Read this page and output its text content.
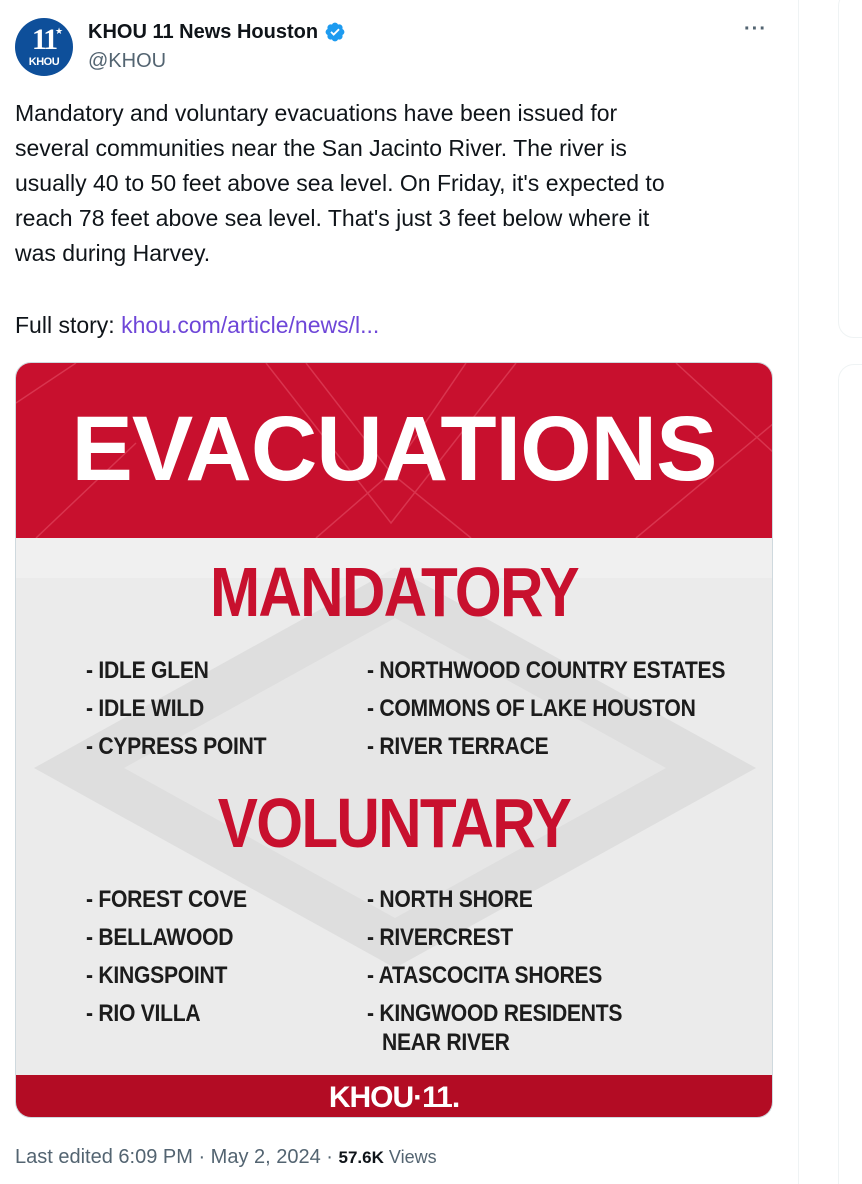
11
★
KHOU
KHOU 11 News Houston
@KHOU
···

Mandatory and voluntary evacuations have been issued for

several communities near the San Jacinto River. The river is

usually 40 to 50 feet above sea level. On Friday, it's expected to

reach 78 feet above sea level. That's just 3 feet below where it

was during Harvey.

Full story: khou.com/article/news/l...
EVACUATIONS
MANDATORY
- IDLE GLEN
- IDLE WILD
- CYPRESS POINT
- NORTHWOOD COUNTRY ESTATES
- COMMONS OF LAKE HOUSTON
- RIVER TERRACE
VOLUNTARY
- FOREST COVE
- BELLAWOOD
- KINGSPOINT
- RIO VILLA
- NORTH SHORE
- RIVERCREST
- ATASCOCITA SHORES
- KINGWOOD RESIDENTS
NEAR RIVER
KHOU·11.
Last edited 6:09 PM · May 2, 2024 · 57.6K Views
